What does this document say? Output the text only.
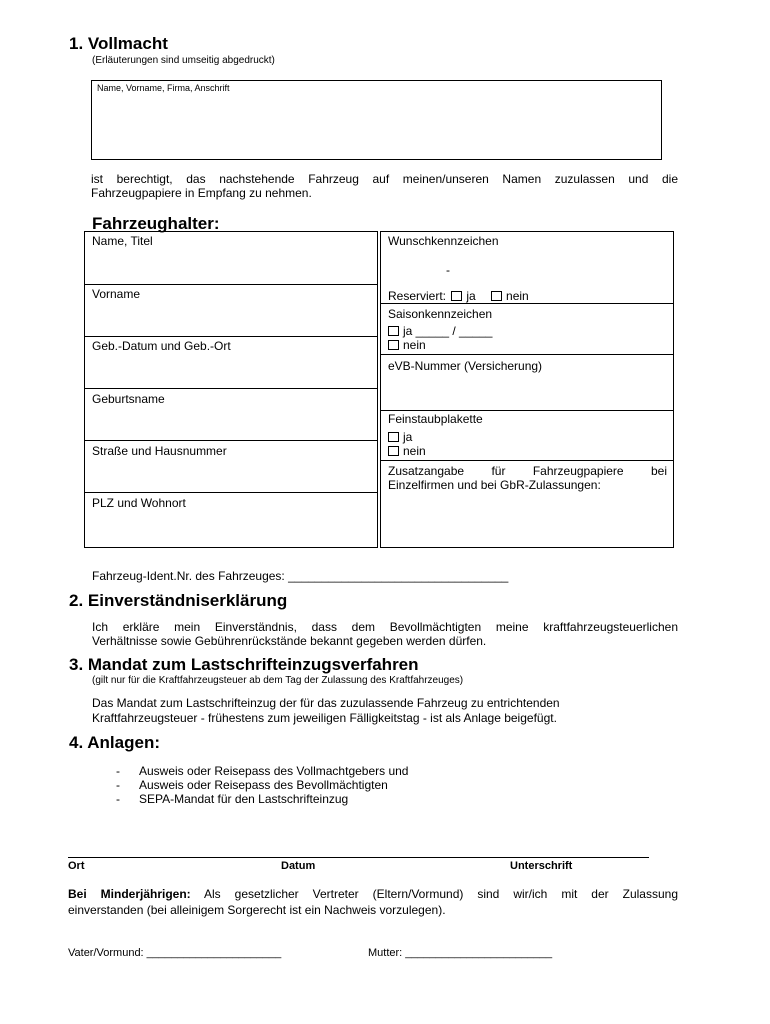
1. Vollmacht
(Erläuterungen sind umseitig abgedruckt)
Name, Vorname, Firma, Anschrift
ist berechtigt, das nachstehende Fahrzeug auf meinen/unseren Namen zuzulassen und die
Fahrzeugpapiere in Empfang zu nehmen.
Fahrzeughalter:
Name, Titel
Vorname
Geb.-Datum und Geb.-Ort
Geburtsname
Straße und Hausnummer
PLZ und Wohnort
Wunschkennzeichen
-
Reserviert: ja	nein
Saisonkennzeichen
ja _____ / _____
nein
eVB-Nummer (Versicherung)
Feinstaubplakette
ja
nein
Zusatzangabe für Fahrzeugpapiere bei
Einzelfirmen und bei GbR-Zulassungen:
Fahrzeug-Ident.Nr. des Fahrzeuges: _________________________________
2. Einverständniserklärung
Ich erkläre mein Einverständnis, dass dem Bevollmächtigten meine kraftfahrzeugsteuerlichen
Verhältnisse sowie Gebührenrückstände bekannt gegeben werden dürfen.
3. Mandat zum Lastschrifteinzugsverfahren
(gilt nur für die Kraftfahrzeugsteuer ab dem Tag der Zulassung des Kraftfahrzeuges)
Das Mandat zum Lastschrifteinzug der für das zuzulassende Fahrzeug zu entrichtenden
Kraftfahrzeugsteuer - frühestens zum jeweiligen Fälligkeitstag - ist als Anlage beigefügt.
4. Anlagen:
- Ausweis oder Reisepass des Vollmachtgebers und
- Ausweis oder Reisepass des Bevollmächtigten
- SEPA-Mandat für den Lastschrifteinzug
Ort	Datum	Unterschrift
Bei Minderjährigen: Als gesetzlicher Vertreter (Eltern/Vormund) sind wir/ich mit der Zulassung
einverstanden (bei alleinigem Sorgerecht ist ein Nachweis vorzulegen).
Vater/Vormund: ______________________	Mutter: ________________________
